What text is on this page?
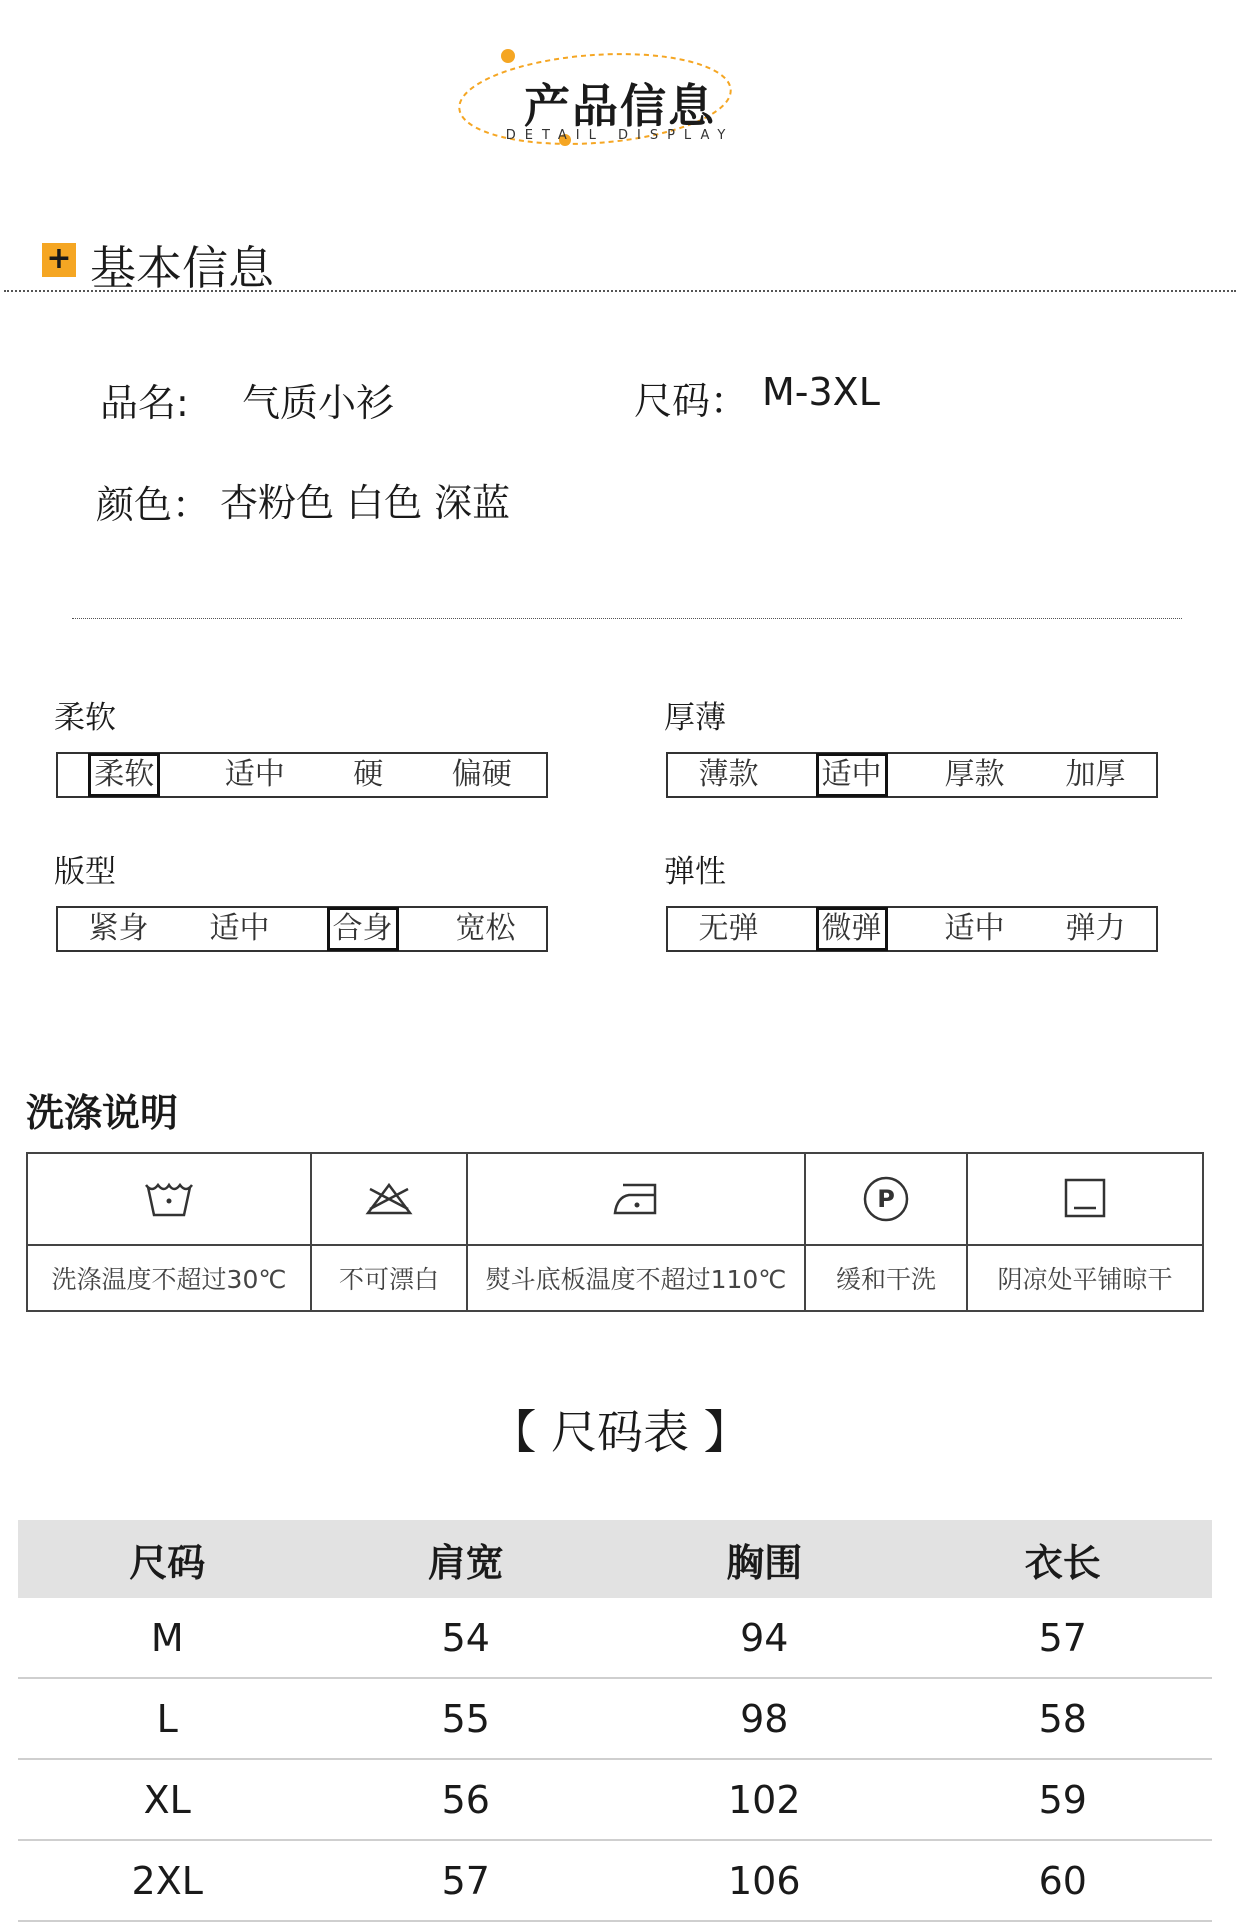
产品信息
DETAIL DISPLAY
+ 基本信息
品名: 气质小衫	尺码： M-3XL
颜色： 杏粉色 白色 深蓝
柔软
柔软 适中 硬 偏硬
厚薄
薄款 适中 厚款 加厚
版型
紧身 适中 合身 宽松
弹性
无弹 微弹 适中 弹力
洗涤说明

P

洗涤温度不超过30℃	不可漂白	熨斗底板温度不超过110℃	缓和干洗	阴凉处平铺晾干
【 尺码表 】
尺码	肩宽	胸围	衣长
M	54	94	57
L	55	98	58
XL	56	102	59
2XL	57	106	60
